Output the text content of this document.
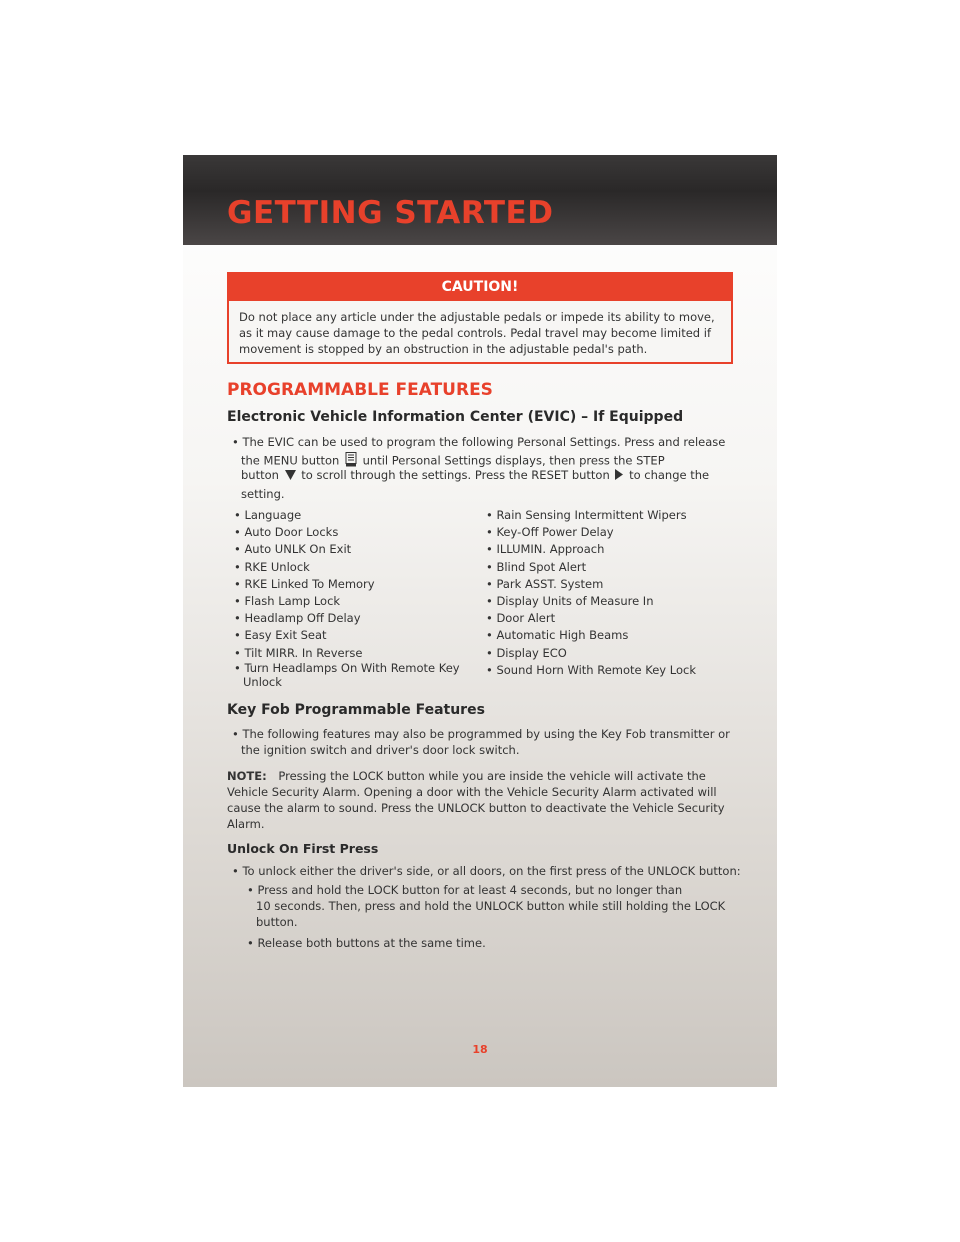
GETTING STARTED
CAUTION!
Do not place any article under the adjustable pedals or impede its ability to move, as it may cause damage to the pedal controls. Pedal travel may become limited if movement is stopped by an obstruction in the adjustable pedal's path.
PROGRAMMABLE FEATURES
Electronic Vehicle Information Center (EVIC) – If Equipped
• The EVIC can be used to program the following Personal Settings. Press and release
the MENU button until Personal Settings displays, then press the STEP
button to scroll through the settings. Press the RESET button to change the
setting.
• Language
• Auto Door Locks
• Auto UNLK On Exit
• RKE Unlock
• RKE Linked To Memory
• Flash Lamp Lock
• Headlamp Off Delay
• Easy Exit Seat
• Tilt MIRR. In Reverse
• Turn Headlamps On With Remote Key
Unlock
• Rain Sensing Intermittent Wipers
• Key-Off Power Delay
• ILLUMIN. Approach
• Blind Spot Alert
• Park ASST. System
• Display Units of Measure In
• Door Alert
• Automatic High Beams
• Display ECO
• Sound Horn With Remote Key Lock
Key Fob Programmable Features
• The following features may also be programmed by using the Key Fob transmitter or
the ignition switch and driver's door lock switch.
NOTE: Pressing the LOCK button while you are inside the vehicle will activate the
Vehicle Security Alarm. Opening a door with the Vehicle Security Alarm activated will
cause the alarm to sound. Press the UNLOCK button to deactivate the Vehicle Security
Alarm.
Unlock On First Press
• To unlock either the driver's side, or all doors, on the first press of the UNLOCK button:
• Press and hold the LOCK button for at least 4 seconds, but no longer than
10 seconds. Then, press and hold the UNLOCK button while still holding the LOCK
button.
• Release both buttons at the same time.
18
